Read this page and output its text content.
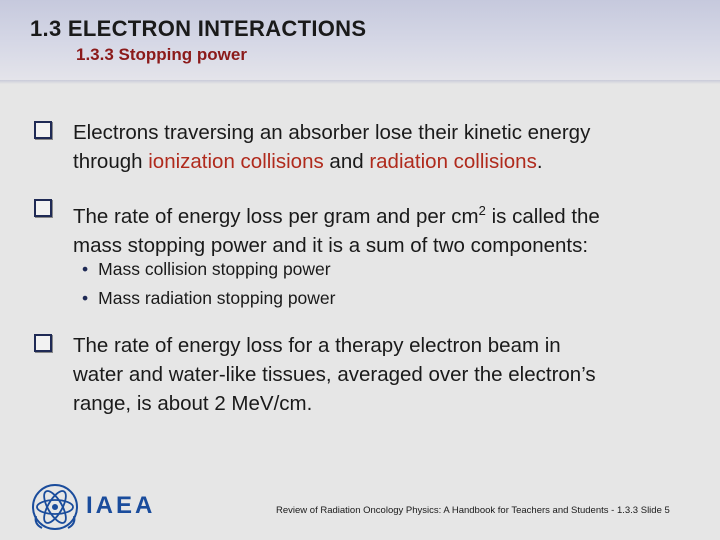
1.3 ELECTRON INTERACTIONS
1.3.3 Stopping power
Electrons traversing an absorber lose their kinetic energy
through ionization collisions and radiation collisions.
The rate of energy loss per gram and per $cm^2$ is called the
mass stopping power and it is a sum of two components:
• Mass collision stopping power
• Mass radiation stopping power
The rate of energy loss for a therapy electron beam in
water and water-like tissues, averaged over the electron’s
range, is about 2 MeV/cm.
IAEA	Review of Radiation Oncology Physics: A Handbook for Teachers and Students - 1.3.3 Slide 5
